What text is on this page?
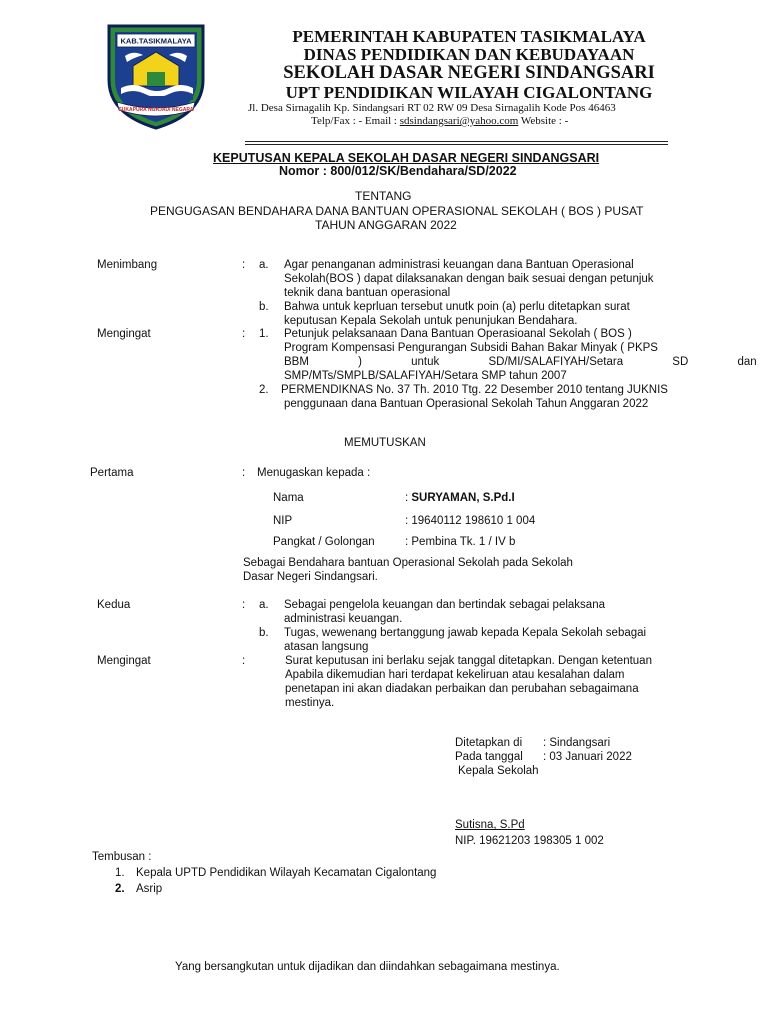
KAB.TASIKMALAYA
SUKAPURA NGAJADI NEGARA
PEMERINTAH KABUPATEN TASIKMALAYA
DINAS PENDIDIKAN DAN KEBUDAYAAN
SEKOLAH DASAR NEGERI SINDANGSARI
UPT PENDIDIKAN WILAYAH CIGALONTANG
Jl. Desa Sirnagalih Kp. Sindangsari RT 02 RW 09 Desa Sirnagalih Kode Pos 46463
Telp/Fax : - Email : sdsindangsari@yahoo.com Website : -
KEPUTUSAN KEPALA SEKOLAH DASAR NEGERI SINDANGSARI
Nomor : 800/012/SK/Bendahara/SD/2022
TENTANG
PENGUGASAN BENDAHARA DANA BANTUAN OPERASIONAL SEKOLAH ( BOS ) PUSAT
TAHUN ANGGARAN 2022
Menimbang	: a. Agar penanganan administrasi keuangan dana Bantuan Operasional
Sekolah(BOS ) dapat dilaksanakan dengan baik sesuai dengan petunjuk
teknik dana bantuan operasional
b. Bahwa untuk keprluan tersebut unutk poin (a) perlu ditetapkan surat
keputusan Kepala Sekolah untuk penunjukan Bendahara.
Mengingat	: 1. Petunjuk pelaksanaan Dana Bantuan Operasioanal Sekolah ( BOS )
Program Kompensasi Pengurangan Subsidi Bahan Bakar Minyak ( PKPS
BBM ) untuk SD/MI/SALAFIYAH/Setara SD dan
SMP/MTs/SMPLB/SALAFIYAH/Setara SMP tahun 2007
2. PERMENDIKNAS No. 37 Th. 2010 Ttg. 22 Desember 2010 tentang JUKNIS
penggunaan dana Bantuan Operasional Sekolah Tahun Anggaran 2022
MEMUTUSKAN
Pertama	: Menugaskan kepada :
Nama	: SURYAMAN, S.Pd.I
NIP	: 19640112 198610 1 004
Pangkat / Golongan	: Pembina Tk. 1 / IV b
Sebagai Bendahara bantuan Operasional Sekolah pada Sekolah
Dasar Negeri Sindangsari.
Kedua	: a. Sebagai pengelola keuangan dan bertindak sebagai pelaksana
administrasi keuangan.
b. Tugas, wewenang bertanggung jawab kepada Kepala Sekolah sebagai
atasan langsung
Mengingat	:	Surat keputusan ini berlaku sejak tanggal ditetapkan. Dengan ketentuan
Apabila dikemudian hari terdapat kekeliruan atau kesalahan dalam
penetapan ini akan diadakan perbaikan dan perubahan sebagaimana
mestinya.
Ditetapkan di : Sindangsari
Pada tanggal : 03 Januari 2022
Kepala Sekolah
Sutisna, S.Pd
NIP. 19621203 198305 1 002
Tembusan :
1. Kepala UPTD Pendidikan Wilayah Kecamatan Cigalontang
2. Asrip
Yang bersangkutan untuk dijadikan dan diindahkan sebagaimana mestinya.
